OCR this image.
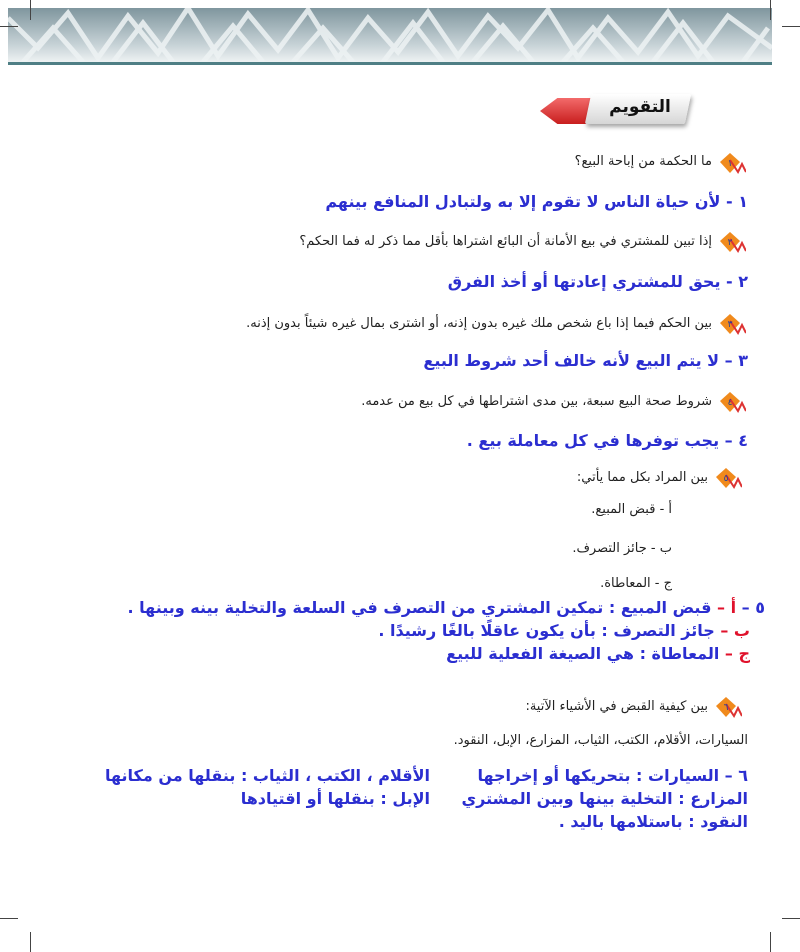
التقويم
١
٢
٣
٤
٥
٦
ما الحكمة من إباحة البيع؟
١ - لأن حياة الناس لا تقوم إلا به ولتبادل المنافع بينهم
إذا تبين للمشتري في بيع الأمانة أن البائع اشتراها بأقل مما ذكر له فما الحكم؟
٢ - يحق للمشتري إعادتها أو أخذ الفرق
بين الحكم فيما إذا باع شخص ملك غيره بدون إذنه، أو اشترى بمال غيره شيئاً بدون إذنه.
٣ – لا يتم البيع لأنه خالف أحد شروط البيع
شروط صحة البيع سبعة، بين مدى اشتراطها في كل بيع من عدمه.
٤ – يجب توفرها في كل معاملة بيع .
بين المراد بكل مما يأتي:
أ - قبض المبيع.
ب - جائز التصرف.
ج - المعاطاة.
٥ – أ – قبض المبيع : تمكين المشتري من التصرف في السلعة والتخلية بينه وبينها .
ب – جائز التصرف : بأن يكون عاقلًا بالغًا رشيدًا .
ج – المعاطاة : هي الصيغة الفعلية للبيع
بين كيفية القبض في الأشياء الآتية:
السيارات، الأقلام، الكتب، الثياب، المزارع، الإبل، النقود.
٦ – السيارات : بتحريكها أو إخراجها
الأقلام ، الكتب ، الثياب : بنقلها من مكانها
المزارع : التخلية بينها وبين المشتري
الإبل : بنقلها أو اقتيادها
النقود : باستلامها باليد .
